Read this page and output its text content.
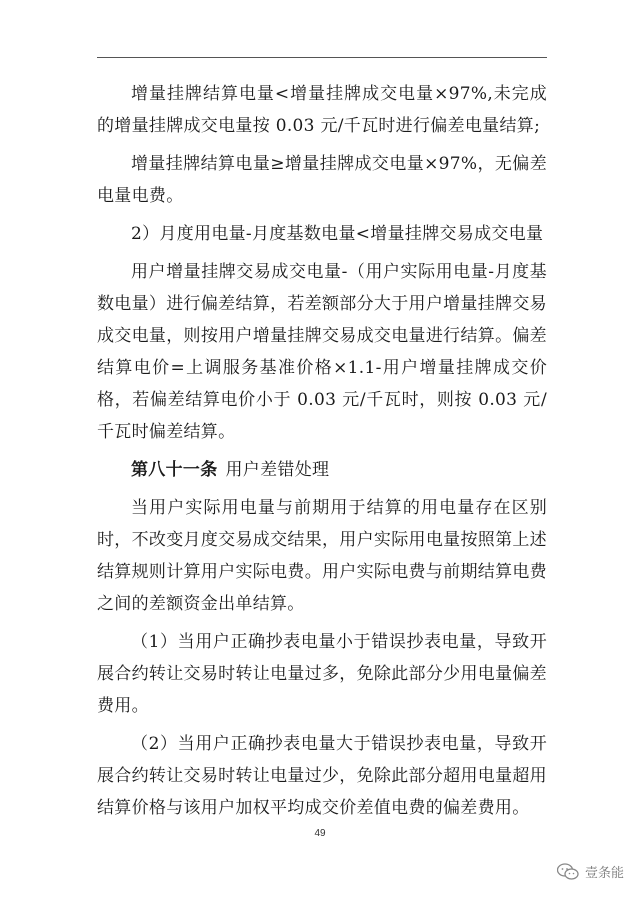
增量挂牌结算电量<增量挂牌成交电量×97%,未完成的增量挂牌成交电量按 0.03 元/千瓦时进行偏差电量结算;

增量挂牌结算电量≥增量挂牌成交电量×97%，无偏差电量电费。

2）月度用电量-月度基数电量<增量挂牌交易成交电量

用户增量挂牌交易成交电量-（用户实际用电量-月度基数电量）进行偏差结算，若差额部分大于用户增量挂牌交易成交电量，则按用户增量挂牌交易成交电量进行结算。偏差结算电价=上调服务基准价格×1.1-用户增量挂牌成交价格，若偏差结算电价小于 0.03 元/千瓦时，则按 0.03 元/千瓦时偏差结算。

第八十一条 用户差错处理

当用户实际用电量与前期用于结算的用电量存在区别时，不改变月度交易成交结果，用户实际用电量按照第上述结算规则计算用户实际电费。用户实际电费与前期结算电费之间的差额资金出单结算。

（1）当用户正确抄表电量小于错误抄表电量，导致开展合约转让交易时转让电量过多，免除此部分少用电量偏差费用。

（2）当用户正确抄表电量大于错误抄表电量，导致开展合约转让交易时转让电量过少，免除此部分超用电量超用结算价格与该用户加权平均成交价差值电费的偏差费用。

49
壹条能
